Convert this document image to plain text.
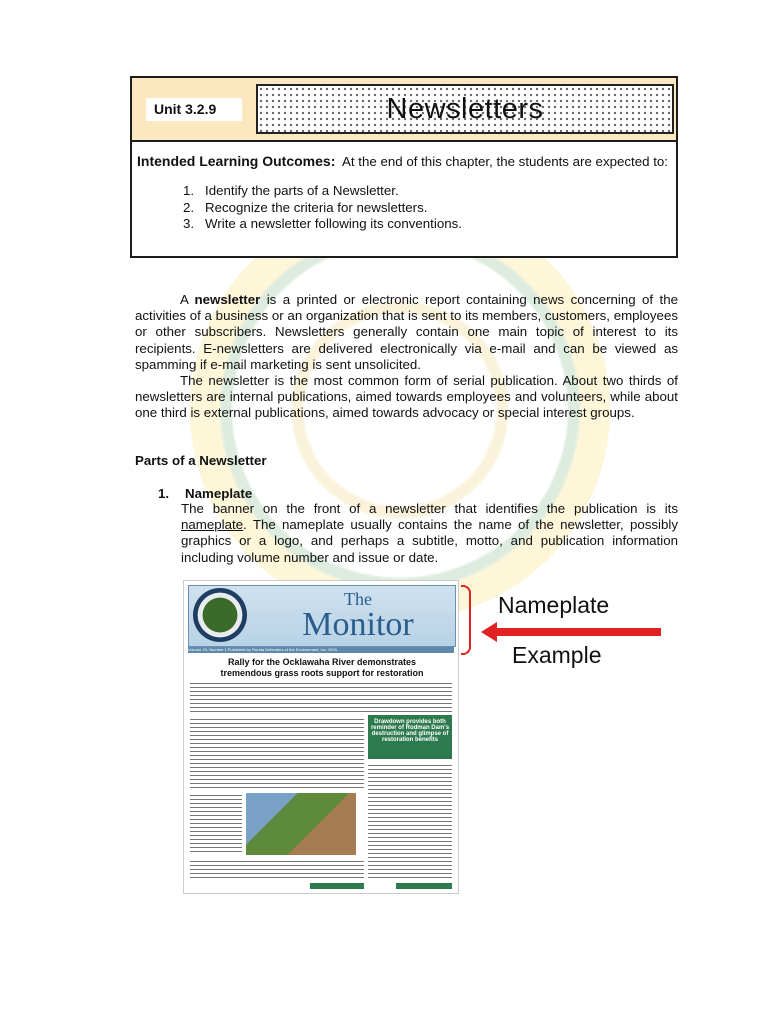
Unit 3.2.9	Newsletters
Intended Learning Outcomes: At the end of this chapter, the students are expected to:
1. Identify the parts of a Newsletter.
2. Recognize the criteria for newsletters.
3. Write a newsletter following its conventions.

A newsletter is a printed or electronic report containing news concerning of the activities of a business or an organization that is sent to its members, customers, employees or other subscribers. Newsletters generally contain one main topic of interest to its recipients. E-newsletters are delivered electronically via e-mail and can be viewed as spamming if e-mail marketing is sent unsolicited.

The newsletter is the most common form of serial publication. About two thirds of newsletters are internal publications, aimed towards employees and volunteers, while about one third is external publications, aimed towards advocacy or special interest groups.

Parts of a Newsletter
1. Nameplate
The banner on the front of a newsletter that identifies the publication is its nameplate. The nameplate usually contains the name of the newsletter, possibly graphics or a logo, and perhaps a subtitle, motto, and publication information including volume number and issue or date.
The
Monitor
Volume 23, Number 1 Published by Florida Defenders of the Environment, Inc. 2005
Rally for the Ocklawaha River demonstrates tremendous grass roots support for restoration
Drawdown provides both reminder of Rodman Dam's destruction and glimpse of restoration benefits
Nameplate
Example
